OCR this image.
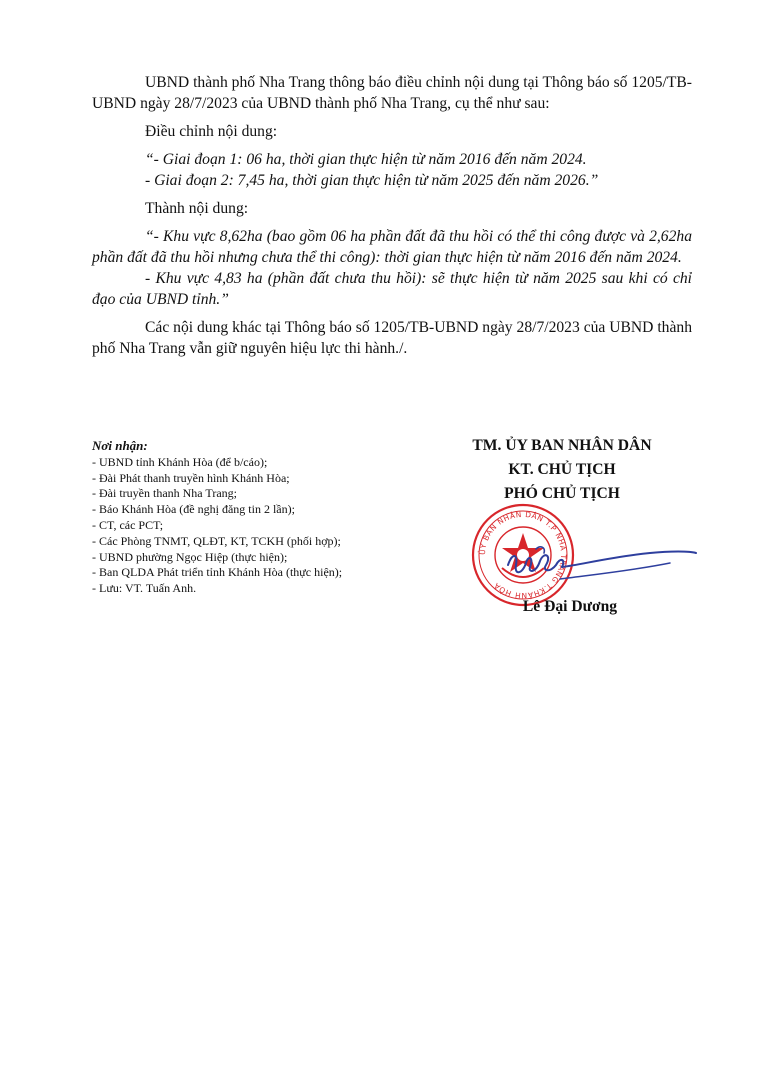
UBND thành phố Nha Trang thông báo điều chỉnh nội dung tại Thông báo số 1205/TB-UBND ngày 28/7/2023 của UBND thành phố Nha Trang, cụ thể như sau:

Điều chỉnh nội dung:

“- Giai đoạn 1: 06 ha, thời gian thực hiện từ năm 2016 đến năm 2024.

- Giai đoạn 2: 7,45 ha, thời gian thực hiện từ năm 2025 đến năm 2026.”

Thành nội dung:

“- Khu vực 8,62ha (bao gồm 06 ha phần đất đã thu hồi có thể thi công được và 2,62ha phần đất đã thu hồi nhưng chưa thể thi công): thời gian thực hiện từ năm 2016 đến năm 2024.

- Khu vực 4,83 ha (phần đất chưa thu hồi): sẽ thực hiện từ năm 2025 sau khi có chỉ đạo của UBND tỉnh.”

Các nội dung khác tại Thông báo số 1205/TB-UBND ngày 28/7/2023 của UBND thành phố Nha Trang vẫn giữ nguyên hiệu lực thi hành./.

Nơi nhận:
- UBND tỉnh Khánh Hòa (để b/cáo);
- Đài Phát thanh truyền hình Khánh Hòa;
- Đài truyền thanh Nha Trang;
- Báo Khánh Hòa (đề nghị đăng tin 2 lần);
- CT, các PCT;
- Các Phòng TNMT, QLĐT, KT, TCKH (phối hợp);
- UBND phường Ngọc Hiệp (thực hiện);
- Ban QLDA Phát triển tỉnh Khánh Hòa (thực hiện);
- Lưu: VT. Tuấn Anh.
TM. ỦY BAN NHÂN DÂN
KT. CHỦ TỊCH
PHÓ CHỦ TỊCH
ỦY BAN NHÂN DÂN T.P NHA TRANG T.KHÁNH HÒA
Lê Đại Dương
